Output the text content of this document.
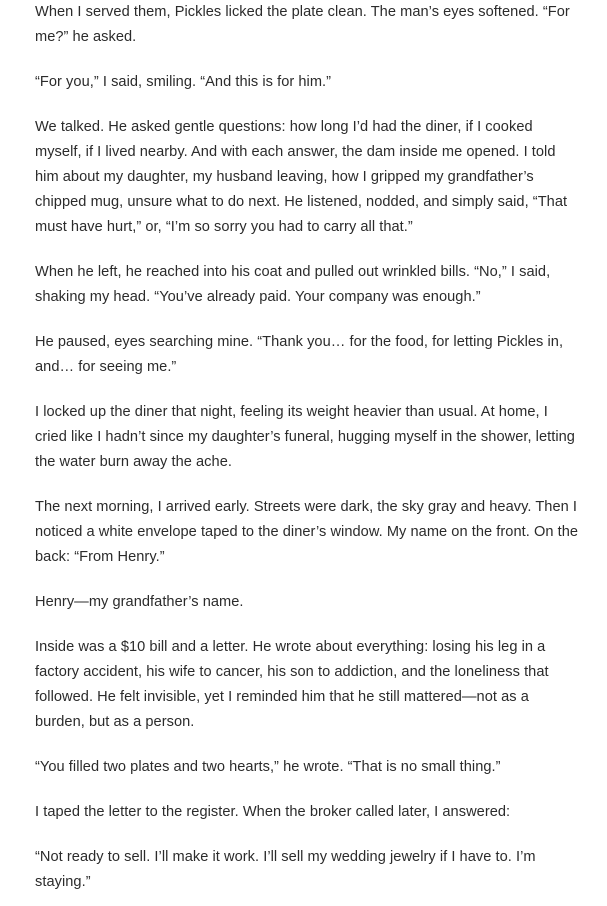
When I served them, Pickles licked the plate clean. The man’s eyes softened. “For me?” he asked.

“For you,” I said, smiling. “And this is for him.”

We talked. He asked gentle questions: how long I’d had the diner, if I cooked myself, if I lived nearby. And with each answer, the dam inside me opened. I told him about my daughter, my husband leaving, how I gripped my grandfather’s chipped mug, unsure what to do next. He listened, nodded, and simply said, “That must have hurt,” or, “I’m so sorry you had to carry all that.”

When he left, he reached into his coat and pulled out wrinkled bills. “No,” I said, shaking my head. “You’ve already paid. Your company was enough.”

He paused, eyes searching mine. “Thank you… for the food, for letting Pickles in, and… for seeing me.”

I locked up the diner that night, feeling its weight heavier than usual. At home, I cried like I hadn’t since my daughter’s funeral, hugging myself in the shower, letting the water burn away the ache.

The next morning, I arrived early. Streets were dark, the sky gray and heavy. Then I noticed a white envelope taped to the diner’s window. My name on the front. On the back: “From Henry.”

Henry—my grandfather’s name.

Inside was a $10 bill and a letter. He wrote about everything: losing his leg in a factory accident, his wife to cancer, his son to addiction, and the loneliness that followed. He felt invisible, yet I reminded him that he still mattered—not as a burden, but as a person.

“You filled two plates and two hearts,” he wrote. “That is no small thing.”

I taped the letter to the register. When the broker called later, I answered:

“Not ready to sell. I’ll make it work. I’ll sell my wedding jewelry if I have to. I’m staying.”
